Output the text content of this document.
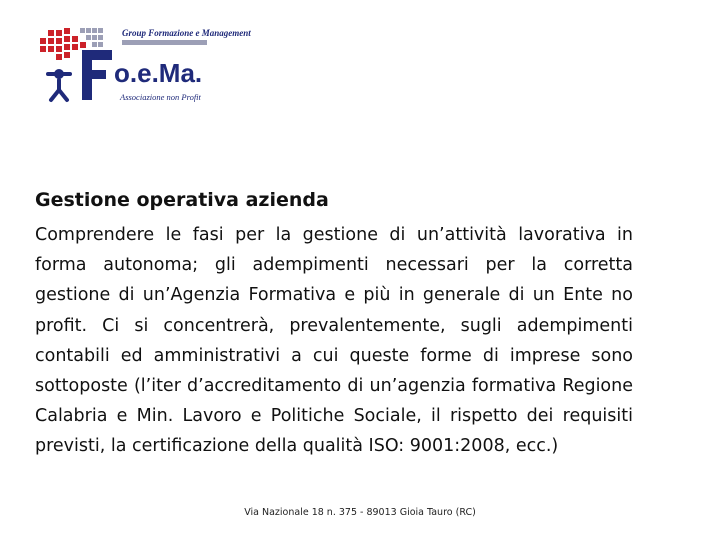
Group Formazione e Management
o.e.Ma.
Associazione non Profit
Gestione operativa azienda

Comprendere le fasi per la gestione di un’attività lavorativa in forma autonoma; gli adempimenti necessari per la corretta gestione di un’Agenzia Formativa e più in generale di un Ente no profit. Ci si concentrerà, prevalentemente, sugli adempimenti contabili ed amministrativi a cui queste forme di imprese sono sottoposte (l’iter d’accreditamento di un’agenzia formativa Regione Calabria e Min. Lavoro e Politiche Sociale, il rispetto dei requisiti previsti, la certificazione della qualità ISO: 9001:2008, ecc.)

Via Nazionale 18 n. 375 - 89013 Gioia Tauro (RC)
